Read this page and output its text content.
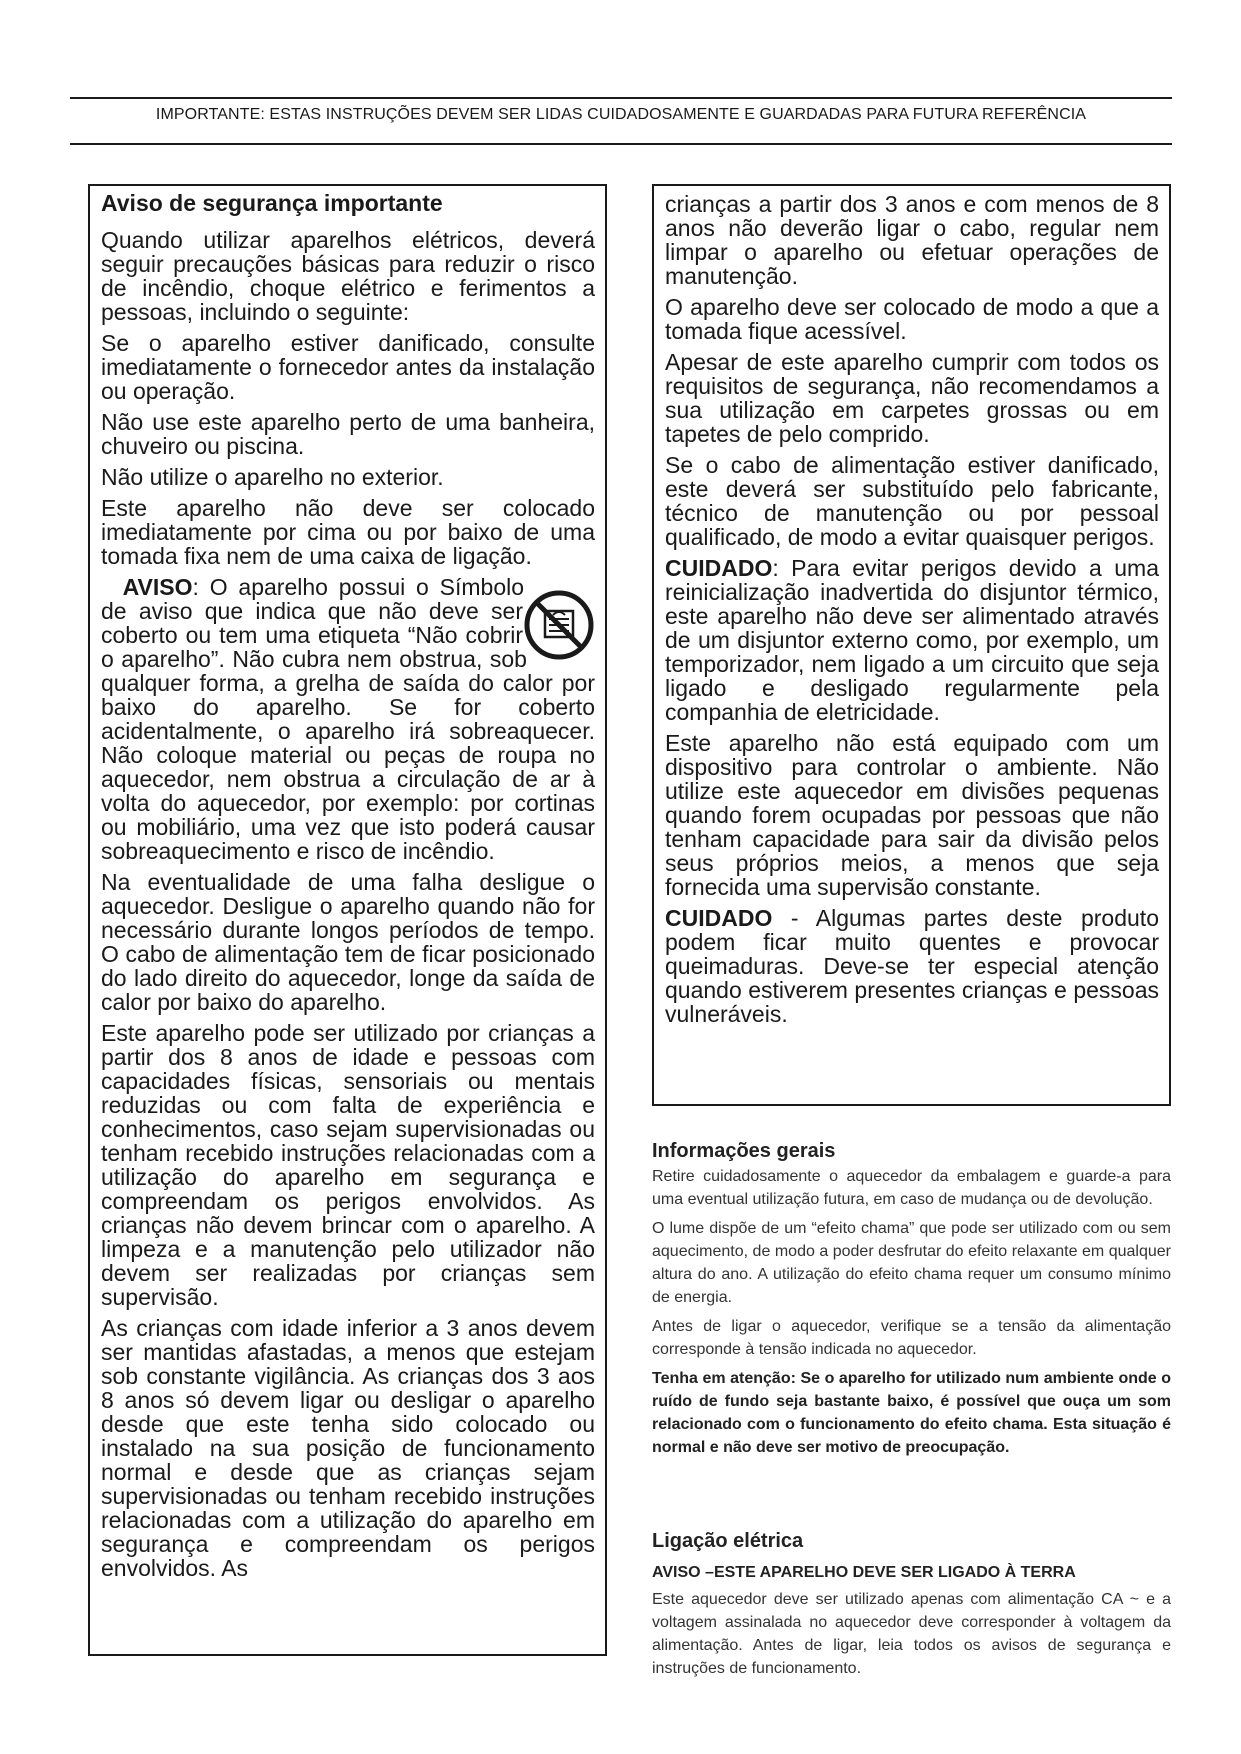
IMPORTANTE: ESTAS INSTRUÇÕES DEVEM SER LIDAS CUIDADOSAMENTE E GUARDADAS PARA FUTURA REFERÊNCIA
Aviso de segurança importante

Quando utilizar aparelhos elétricos, deverá seguir precauções básicas para reduzir o risco de incêndio, choque elétrico e ferimentos a pessoas, incluindo o seguinte:

Se o aparelho estiver danificado, consulte imediatamente o fornecedor antes da instalação ou operação.

Não use este aparelho perto de uma banheira, chuveiro ou piscina.

Não utilize o aparelho no exterior.

Este aparelho não deve ser colocado imediatamente por cima ou por baixo de uma tomada fixa nem de uma caixa de ligação.

AVISO: O aparelho possui o Símbolo de aviso que indica que não deve ser coberto ou tem uma etiqueta “Não cobrir o aparelho”. Não cubra nem obstrua, sob qualquer forma, a grelha de saída do calor por baixo do aparelho. Se for coberto acidentalmente, o aparelho irá sobreaquecer. Não coloque material ou peças de roupa no aquecedor, nem obstrua a circulação de ar à volta do aquecedor, por exemplo: por cortinas ou mobiliário, uma vez que isto poderá causar sobreaquecimento e risco de incêndio.

Na eventualidade de uma falha desligue o aquecedor. Desligue o aparelho quando não for necessário durante longos períodos de tempo. O cabo de alimentação tem de ficar posicionado do lado direito do aquecedor, longe da saída de calor por baixo do aparelho.

Este aparelho pode ser utilizado por crianças a partir dos 8 anos de idade e pessoas com capacidades físicas, sensoriais ou mentais reduzidas ou com falta de experiência e conhecimentos, caso sejam supervisionadas ou tenham recebido instruções relacionadas com a utilização do aparelho em segurança e compreendam os perigos envolvidos. As crianças não devem brincar com o aparelho. A limpeza e a manutenção pelo utilizador não devem ser realizadas por crianças sem supervisão.

As crianças com idade inferior a 3 anos devem ser mantidas afastadas, a menos que estejam sob constante vigilância. As crianças dos 3 aos 8 anos só devem ligar ou desligar o aparelho desde que este tenha sido colocado ou instalado na sua posição de funcionamento normal e desde que as crianças sejam supervisionadas ou tenham recebido instruções relacionadas com a utilização do aparelho em segurança e compreendam os perigos envolvidos. As

crianças a partir dos 3 anos e com menos de 8 anos não deverão ligar o cabo, regular nem limpar o aparelho ou efetuar operações de manutenção.

O aparelho deve ser colocado de modo a que a tomada fique acessível.

Apesar de este aparelho cumprir com todos os requisitos de segurança, não recomendamos a sua utilização em carpetes grossas ou em tapetes de pelo comprido.

Se o cabo de alimentação estiver danificado, este deverá ser substituído pelo fabricante, técnico de manutenção ou por pessoal qualificado, de modo a evitar quaisquer perigos.

CUIDADO: Para evitar perigos devido a uma reinicialização inadvertida do disjuntor térmico, este aparelho não deve ser alimentado através de um disjuntor externo como, por exemplo, um temporizador, nem ligado a um circuito que seja ligado e desligado regularmente pela companhia de eletricidade.

Este aparelho não está equipado com um dispositivo para controlar o ambiente. Não utilize este aquecedor em divisões pequenas quando forem ocupadas por pessoas que não tenham capacidade para sair da divisão pelos seus próprios meios, a menos que seja fornecida uma supervisão constante.

CUIDADO - Algumas partes deste produto podem ficar muito quentes e provocar queimaduras. Deve-se ter especial atenção quando estiverem presentes crianças e pessoas vulneráveis.

Informações gerais

Retire cuidadosamente o aquecedor da embalagem e guarde-a para uma eventual utilização futura, em caso de mudança ou de devolução.

O lume dispõe de um “efeito chama” que pode ser utilizado com ou sem aquecimento, de modo a poder desfrutar do efeito relaxante em qualquer altura do ano. A utilização do efeito chama requer um consumo mínimo de energia.

Antes de ligar o aquecedor, verifique se a tensão da alimentação corresponde à tensão indicada no aquecedor.

Tenha em atenção: Se o aparelho for utilizado num ambiente onde o ruído de fundo seja bastante baixo, é possível que ouça um som relacionado com o funcionamento do efeito chama. Esta situação é normal e não deve ser motivo de preocupação.

Ligação elétrica

AVISO –ESTE APARELHO DEVE SER LIGADO À TERRA

Este aquecedor deve ser utilizado apenas com alimentação CA ~ e a voltagem assinalada no aquecedor deve corresponder à voltagem da alimentação. Antes de ligar, leia todos os avisos de segurança e instruções de funcionamento.
